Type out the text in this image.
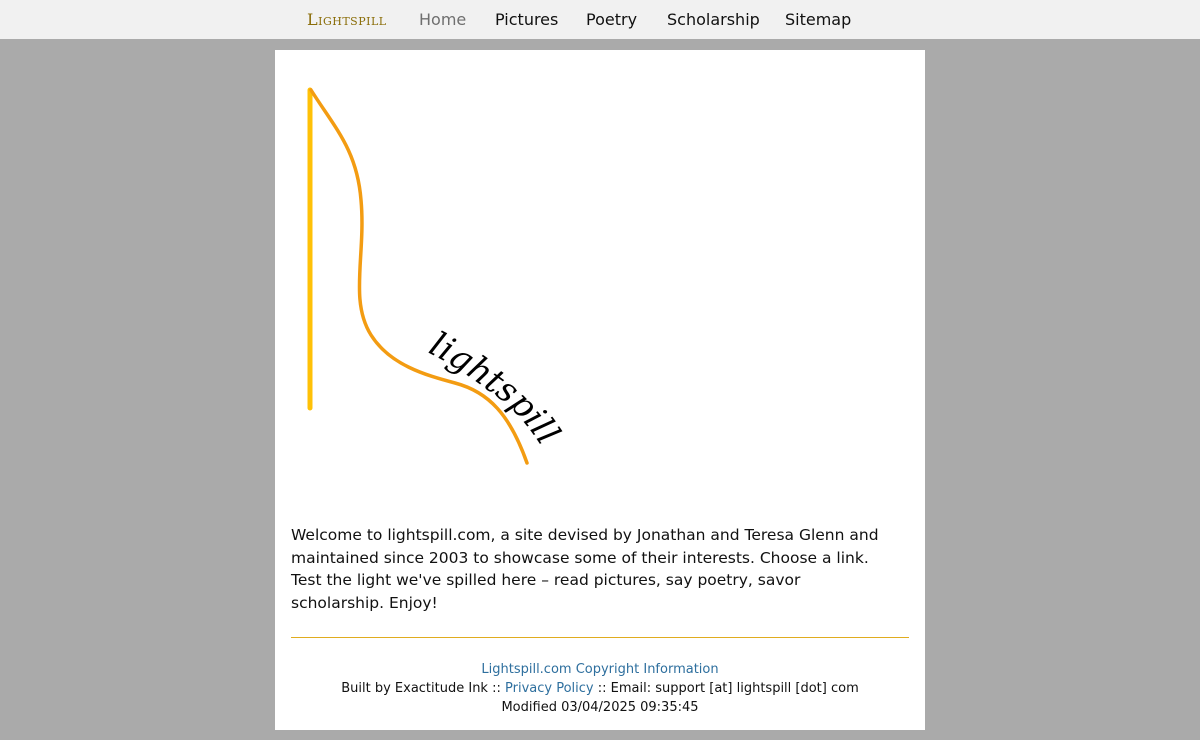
Lightspill Home Pictures Poetry Scholarship Sitemap
lightspill

Welcome to lightspill.com, a site devised by Jonathan and Teresa Glenn and maintained since 2003 to showcase some of their interests. Choose a link. Test the light we've spilled here – read pictures, say poetry, savor scholarship. Enjoy!

Lightspill.com Copyright Information
Built by Exactitude Ink :: Privacy Policy :: Email: support [at] lightspill [dot] com
Modified 03/04/2025 09:35:45
